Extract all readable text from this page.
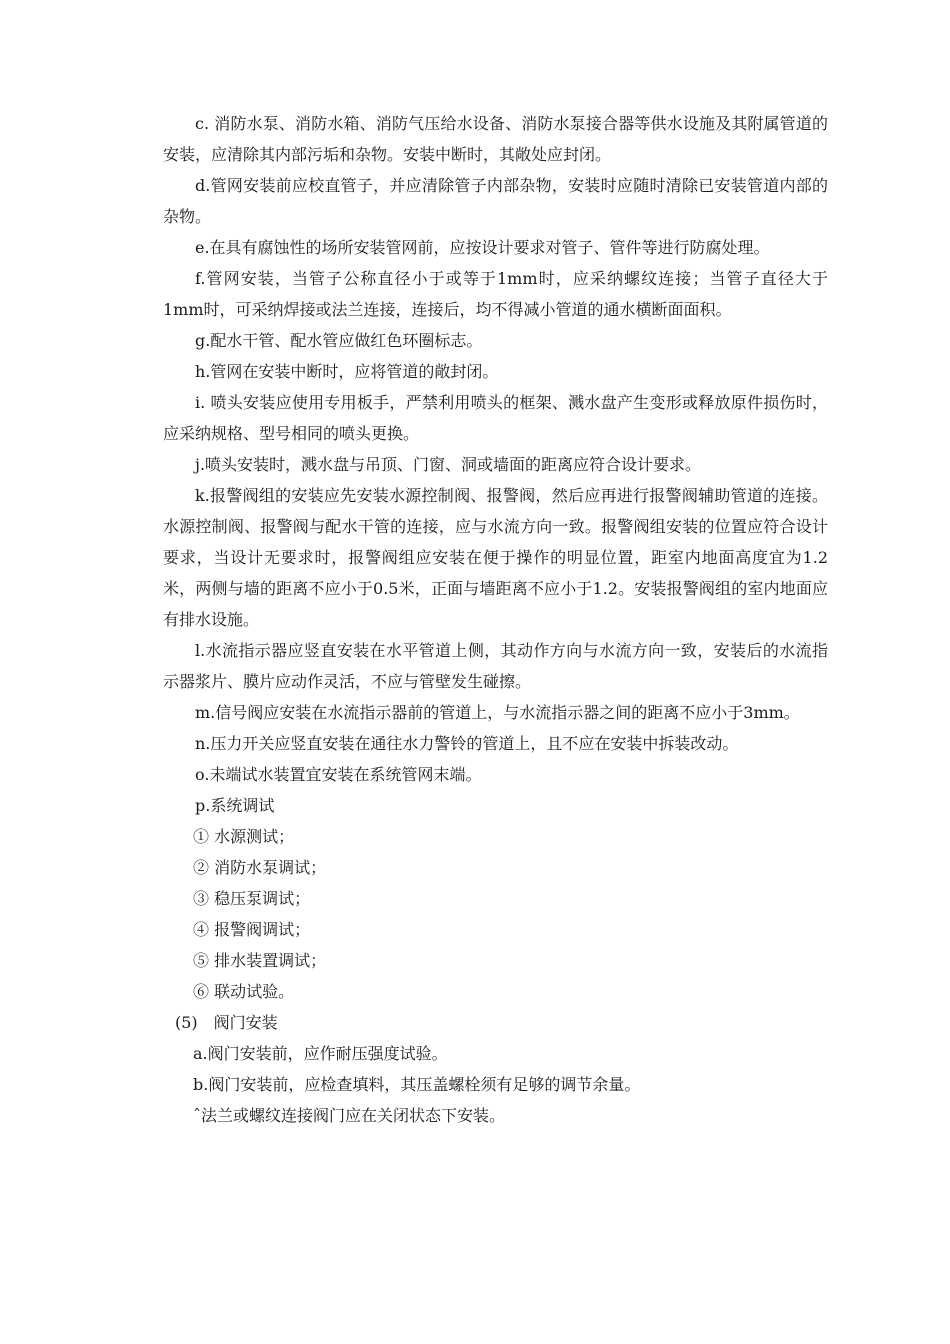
c. 消防水泵、消防水箱、消防气压给水设备、消防水泵接合器等供水设施及其附属管道的安装，应清除其内部污垢和杂物。安装中断时，其敞处应封闭。

d.管网安装前应校直管子，并应清除管子内部杂物，安装时应随时清除已安装管道内部的杂物。

e.在具有腐蚀性的场所安装管网前，应按设计要求对管子、管件等进行防腐处理。

f.管网安装，当管子公称直径小于或等于1mm时，应采纳螺纹连接；当管子直径大于1mm时，可采纳焊接或法兰连接，连接后，均不得减小管道的通水横断面面积。

g.配水干管、配水管应做红色环圈标志。

h.管网在安装中断时，应将管道的敞封闭。

i. 喷头安装应使用专用板手，严禁利用喷头的框架、溅水盘产生变形或释放原件损伤时，应采纳规格、型号相同的喷头更换。

j.喷头安装时，溅水盘与吊顶、门窗、洞或墙面的距离应符合设计要求。

k.报警阀组的安装应先安装水源控制阀、报警阀，然后应再进行报警阀辅助管道的连接。水源控制阀、报警阀与配水干管的连接，应与水流方向一致。报警阀组安装的位置应符合设计要求，当设计无要求时，报警阀组应安装在便于操作的明显位置，距室内地面高度宜为1.2米，两侧与墙的距离不应小于0.5米，正面与墙距离不应小于1.2。安装报警阀组的室内地面应有排水设施。

l.水流指示器应竖直安装在水平管道上侧，其动作方向与水流方向一致，安装后的水流指示器浆片、膜片应动作灵活，不应与管壁发生碰擦。

m.信号阀应安装在水流指示器前的管道上，与水流指示器之间的距离不应小于3mm。

n.压力开关应竖直安装在通往水力警铃的管道上，且不应在安装中拆装改动。

o.未端试水装置宜安装在系统管网末端。

p.系统调试

① 水源测试；

② 消防水泵调试；

③ 稳压泵调试；

④ 报警阀调试；

⑤ 排水装置调试；

⑥ 联动试验。

(5)　阀门安装

a.阀门安装前，应作耐压强度试验。

b.阀门安装前，应检查填料，其压盖螺栓须有足够的调节余量。

ˆ法兰或螺纹连接阀门应在关闭状态下安装。
